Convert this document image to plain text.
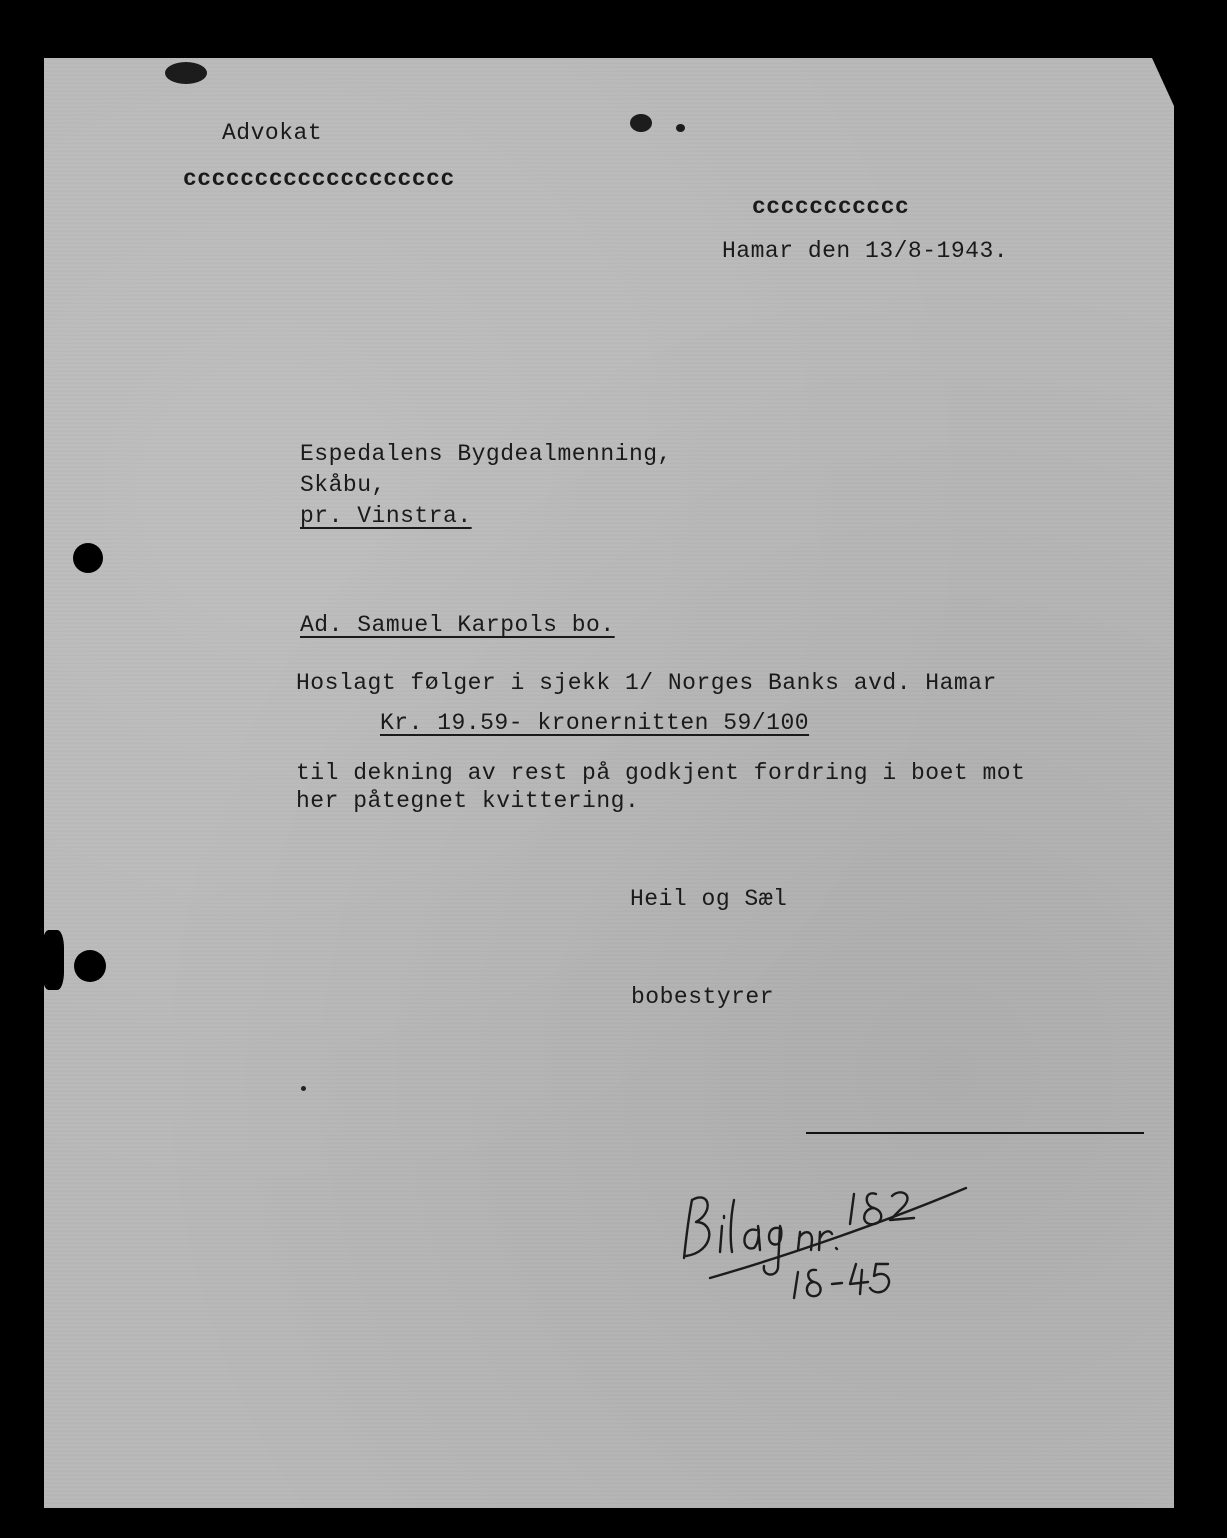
Advokat
ccccccccccccccccccc
ccccccccccc
Hamar den 13/8-1943.
Espedalens Bygdealmenning,
Skåbu,
pr. Vinstra.
Ad. Samuel Karpols bo.
Hoslagt følger i sjekk 1/ Norges Banks avd. Hamar
Kr. 19.59- kronernitten 59/100
til dekning av rest på godkjent fordring i boet mot
her påtegnet kvittering.
Heil og Sæl
bobestyrer
